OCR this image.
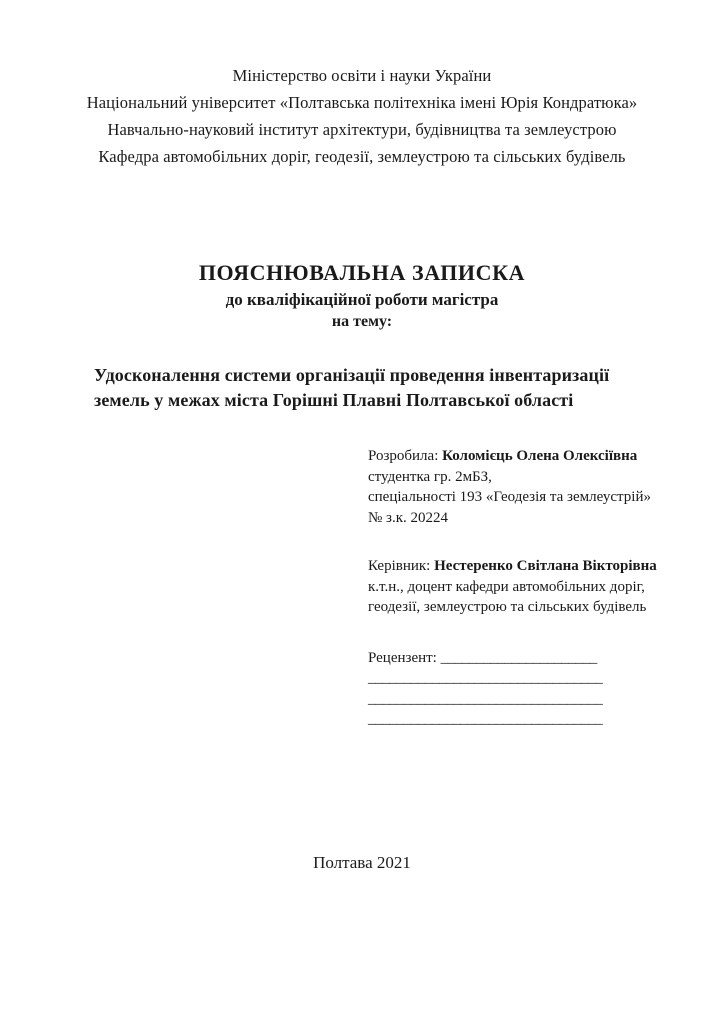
Міністерство освіти і науки України
Національний університет «Полтавська політехніка імені Юрія Кондратюка»
Навчально-науковий інститут архітектури, будівництва та землеустрою
Кафедра автомобільних доріг, геодезії, землеустрою та сільських будівель
ПОЯСНЮВАЛЬНА ЗАПИСКА
до кваліфікаційної роботи магістра
на тему:
Удосконалення системи організації проведення інвентаризації
земель у межах міста Горішні Плавні Полтавської області
Розробила: Коломієць Олена Олексіївна
студентка гр. 2мБЗ,
спеціальності 193 «Геодезія та землеустрій»
№ з.к. 20224
Керівник: Нестеренко Світлана Вікторівна
к.т.н., доцент кафедри автомобільних доріг,
геодезії, землеустрою та сільських будівель
Рецензент: ______________________
_________________________________
_________________________________
_________________________________
Полтава 2021
